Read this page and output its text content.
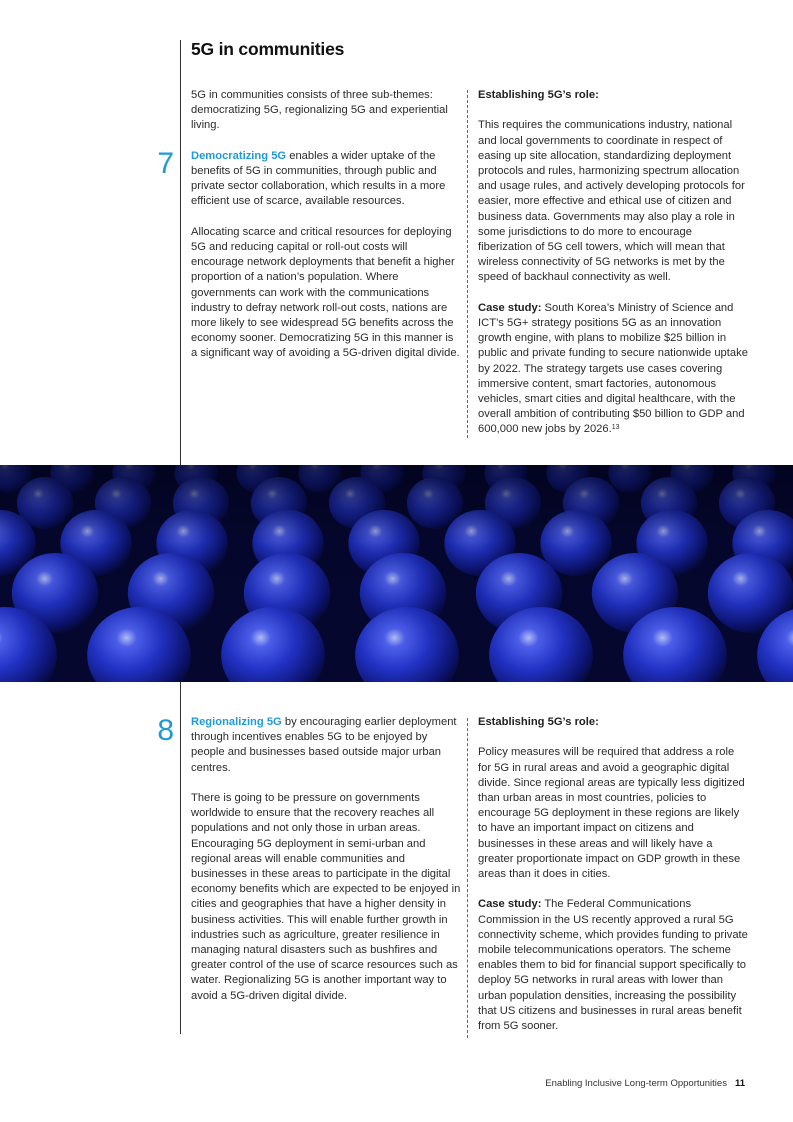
5G in communities
7

5G in communities consists of three sub-themes: democratizing 5G, regionalizing 5G and experiential living.

Democratizing 5G enables a wider uptake of the benefits of 5G in communities, through public and private sector collaboration, which results in a more efficient use of scarce, available resources.

Allocating scarce and critical resources for deploying 5G and reducing capital or roll-out costs will encourage network deployments that benefit a higher proportion of a nation’s population. Where governments can work with the communications industry to defray network roll-out costs, nations are more likely to see widespread 5G benefits across the economy sooner. Democratizing 5G in this manner is a significant way of avoiding a 5G-driven digital divide.

Establishing 5G’s role:

This requires the communications industry, national and local governments to coordinate in respect of easing up site allocation, standardizing deployment protocols and rules, harmonizing spectrum allocation and usage rules, and actively developing protocols for easier, more effective and ethical use of citizen and business data. Governments may also play a role in some jurisdictions to do more to encourage fiberization of 5G cell towers, which will mean that wireless connectivity of 5G networks is met by the speed of backhaul connectivity as well.

Case study: South Korea’s Ministry of Science and ICT’s 5G+ strategy positions 5G as an innovation growth engine, with plans to mobilize $25 billion in public and private funding to secure nationwide uptake by 2022. The strategy targets use cases covering immersive content, smart factories, autonomous vehicles, smart cities and digital healthcare, with the overall ambition of contributing $50 billion to GDP and 600,000 new jobs by 2026.13

8 Regionalizing 5G by encouraging earlier deployment through incentives enables 5G to be enjoyed by people and businesses based outside major urban centres.

There is going to be pressure on governments worldwide to ensure that the recovery reaches all populations and not only those in urban areas. Encouraging 5G deployment in semi-urban and regional areas will enable communities and businesses in these areas to participate in the digital economy benefits which are expected to be enjoyed in cities and geographies that have a higher density in business activities. This will enable further growth in industries such as agriculture, greater resilience in managing natural disasters such as bushfires and greater control of the use of scarce resources such as water. Regionalizing 5G is another important way to avoid a 5G-driven digital divide.

Establishing 5G’s role:

Policy measures will be required that address a role for 5G in rural areas and avoid a geographic digital divide. Since regional areas are typically less digitized than urban areas in most countries, policies to encourage 5G deployment in these regions are likely to have an important impact on citizens and businesses in these areas and will likely have a greater proportionate impact on GDP growth in these areas than it does in cities.

Case study: The Federal Communications Commission in the US recently approved a rural 5G connectivity scheme, which provides funding to private mobile telecommunications operators. The scheme enables them to bid for financial support specifically to deploy 5G networks in rural areas with lower than urban population densities, increasing the possibility that US citizens and businesses in rural areas benefit from 5G sooner.

Enabling Inclusive Long-term Opportunities 11
